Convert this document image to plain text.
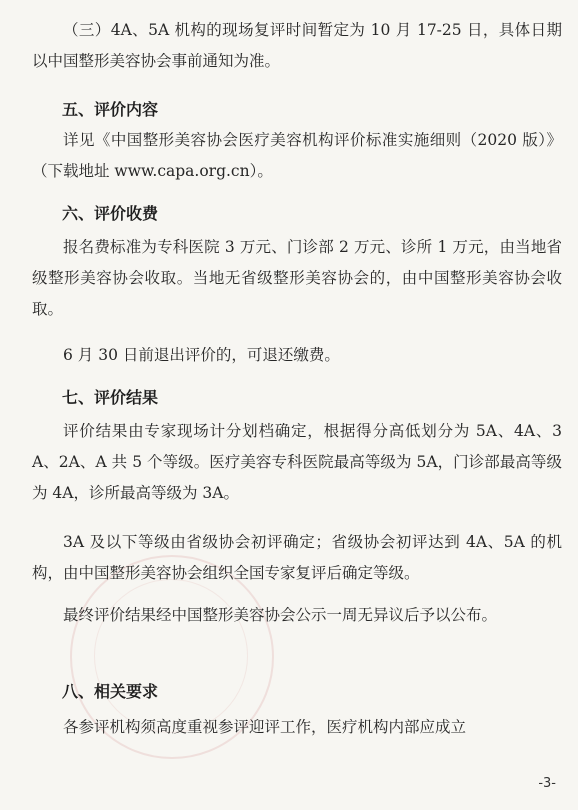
（三）4A、5A 机构的现场复评时间暂定为 10 月 17-25 日，具体日期以中国整形美容协会事前通知为准。

五、评价内容

详见《中国整形美容协会医疗美容机构评价标准实施细则（2020 版）》（下载地址 www.capa.org.cn）。

六、评价收费

报名费标准为专科医院 3 万元、门诊部 2 万元、诊所 1 万元，由当地省级整形美容协会收取。当地无省级整形美容协会的，由中国整形美容协会收取。

6 月 30 日前退出评价的，可退还缴费。

七、评价结果

评价结果由专家现场计分划档确定，根据得分高低划分为 5A、4A、3A、2A、A 共 5 个等级。医疗美容专科医院最高等级为 5A，门诊部最高等级为 4A，诊所最高等级为 3A。

3A 及以下等级由省级协会初评确定；省级协会初评达到 4A、5A 的机构，由中国整形美容协会组织全国专家复评后确定等级。

最终评价结果经中国整形美容协会公示一周无异议后予以公布。

八、相关要求

各参评机构须高度重视参评迎评工作，医疗机构内部应成立

-3-
